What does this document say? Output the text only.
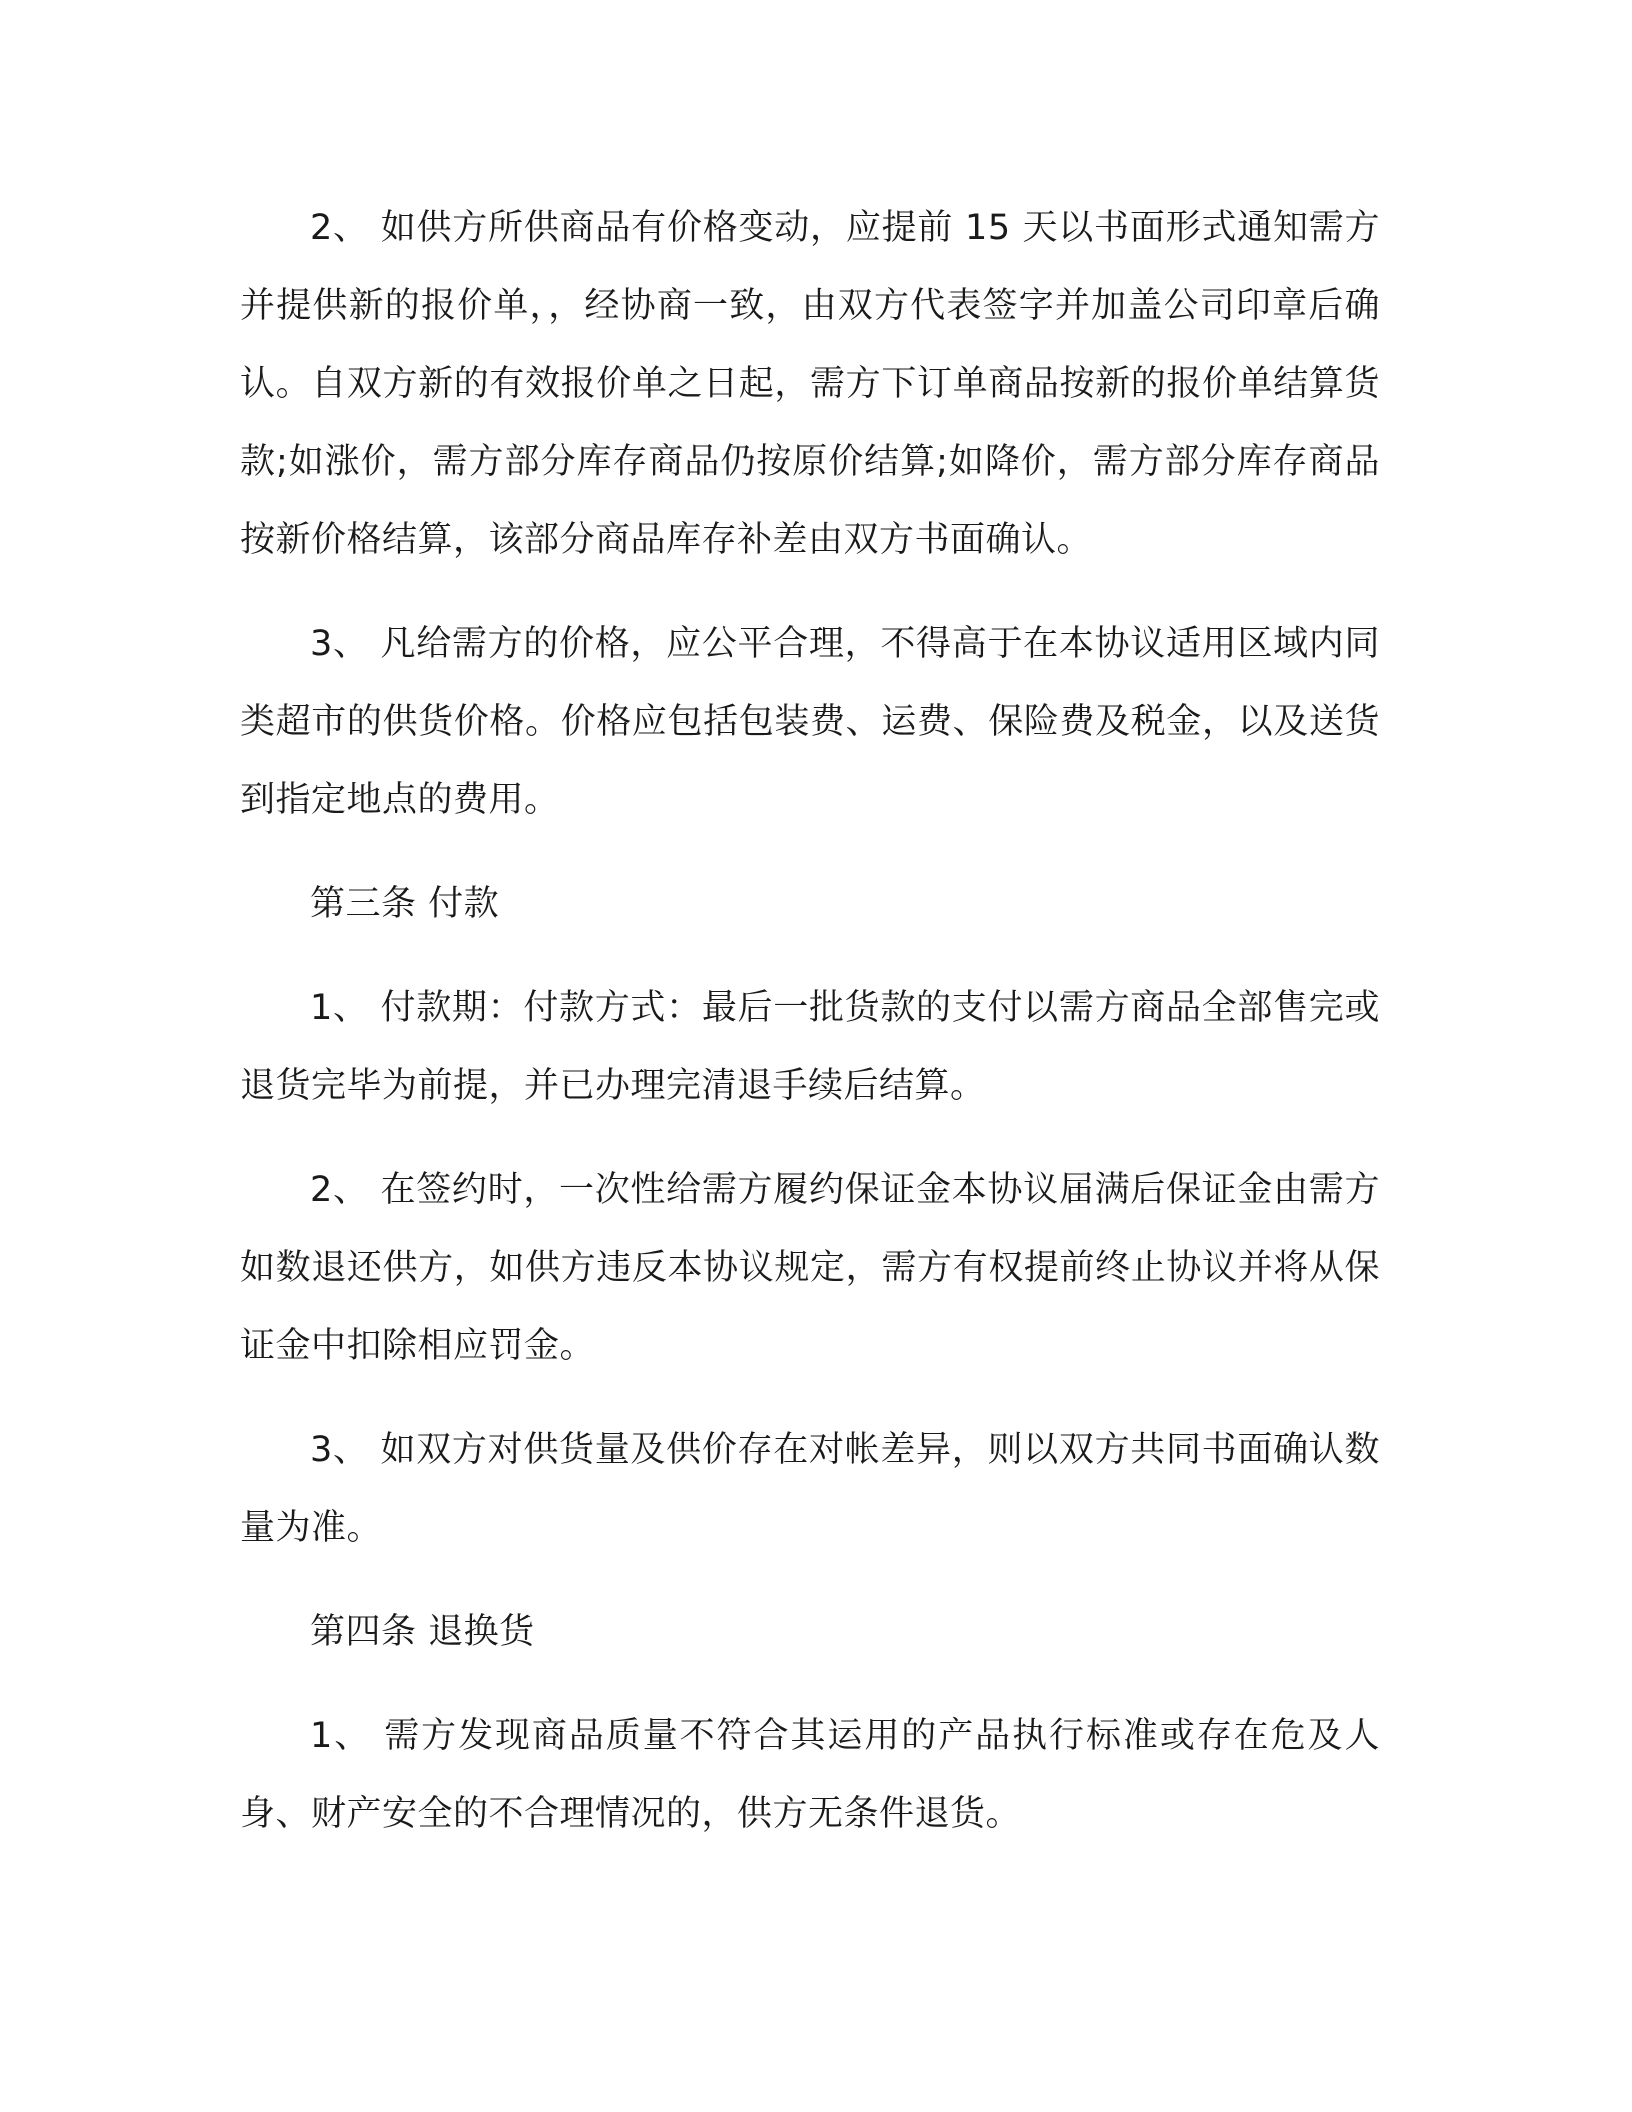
2、 如供方所供商品有价格变动，应提前 15 天以书面形式通知需方并提供新的报价单，，经协商一致，由双方代表签字并加盖公司印章后确认。自双方新的有效报价单之日起，需方下订单商品按新的报价单结算货款;如涨价，需方部分库存商品仍按原价结算;如降价，需方部分库存商品按新价格结算，该部分商品库存补差由双方书面确认。

3、 凡给需方的价格，应公平合理，不得高于在本协议适用区域内同类超市的供货价格。价格应包括包装费、运费、保险费及税金，以及送货到指定地点的费用。

第三条 付款

1、 付款期：付款方式：最后一批货款的支付以需方商品全部售完或退货完毕为前提，并已办理完清退手续后结算。

2、 在签约时，一次性给需方履约保证金本协议届满后保证金由需方如数退还供方，如供方违反本协议规定，需方有权提前终止协议并将从保证金中扣除相应罚金。

3、 如双方对供货量及供价存在对帐差异，则以双方共同书面确认数量为准。

第四条 退换货

1、 需方发现商品质量不符合其运用的产品执行标准或存在危及人身、财产安全的不合理情况的，供方无条件退货。
